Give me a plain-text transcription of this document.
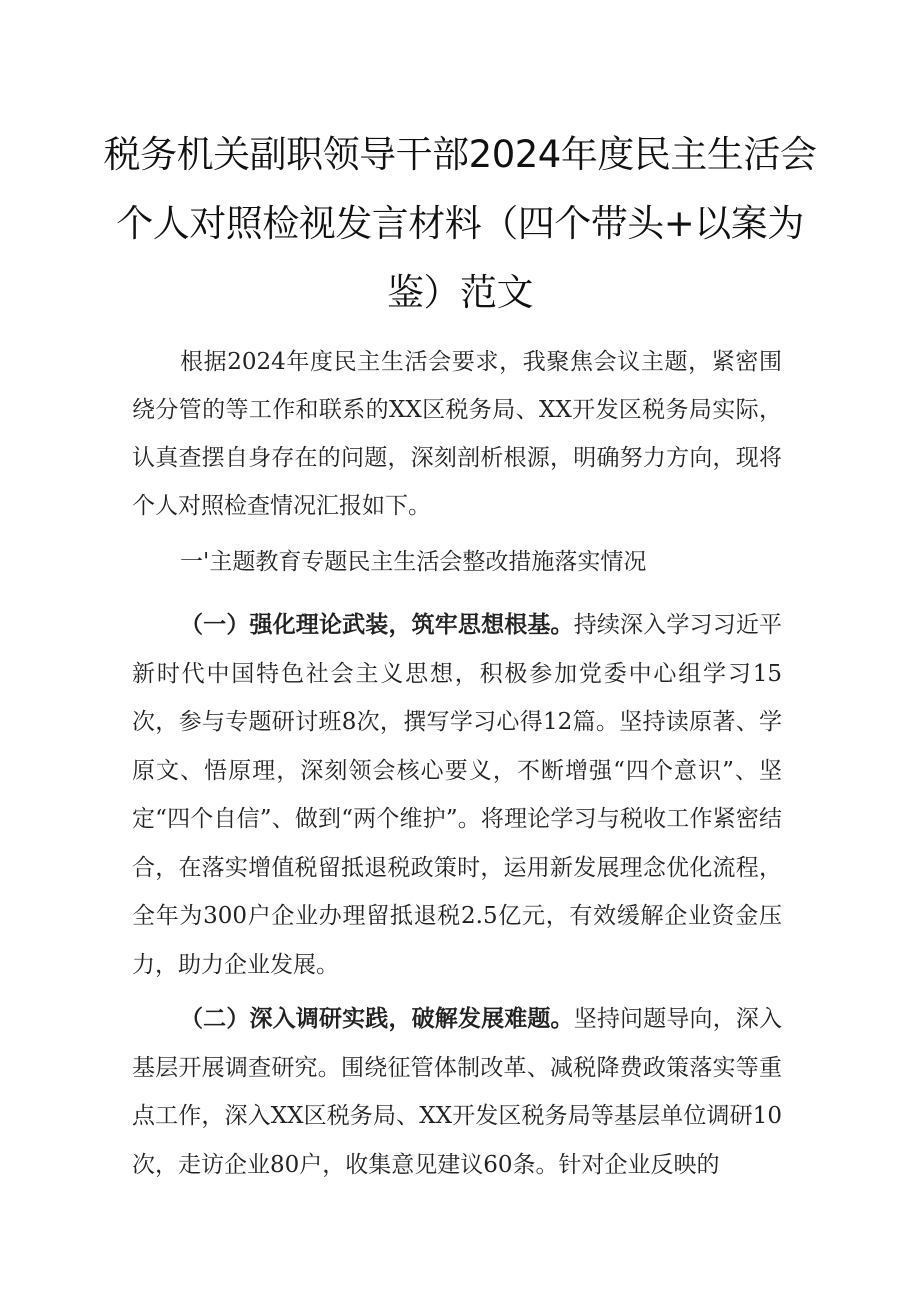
税务机关副职领导干部2024年度民主生活会
个人对照检视发言材料（四个带头+以案为
鉴）范文

根据2024年度民主生活会要求，我聚焦会议主题，紧密围绕分管的等工作和联系的XX区税务局、XX开发区税务局实际，认真查摆自身存在的问题，深刻剖析根源，明确努力方向，现将个人对照检查情况汇报如下。

一'主题教育专题民主生活会整改措施落实情况

（一）强化理论武装，筑牢思想根基。持续深入学习习近平新时代中国特色社会主义思想，积极参加党委中心组学习15次，参与专题研讨班8次，撰写学习心得12篇。坚持读原著、学原文、悟原理，深刻领会核心要义，不断增强“四个意识”、坚定“四个自信”、做到“两个维护”。将理论学习与税收工作紧密结合，在落实增值税留抵退税政策时，运用新发展理念优化流程，全年为300户企业办理留抵退税2.5亿元，有效缓解企业资金压力，助力企业发展。

（二）深入调研实践，破解发展难题。坚持问题导向，深入基层开展调查研究。围绕征管体制改革、减税降费政策落实等重点工作，深入XX区税务局、XX开发区税务局等基层单位调研10次，走访企业80户，收集意见建议60条。针对企业反映的
